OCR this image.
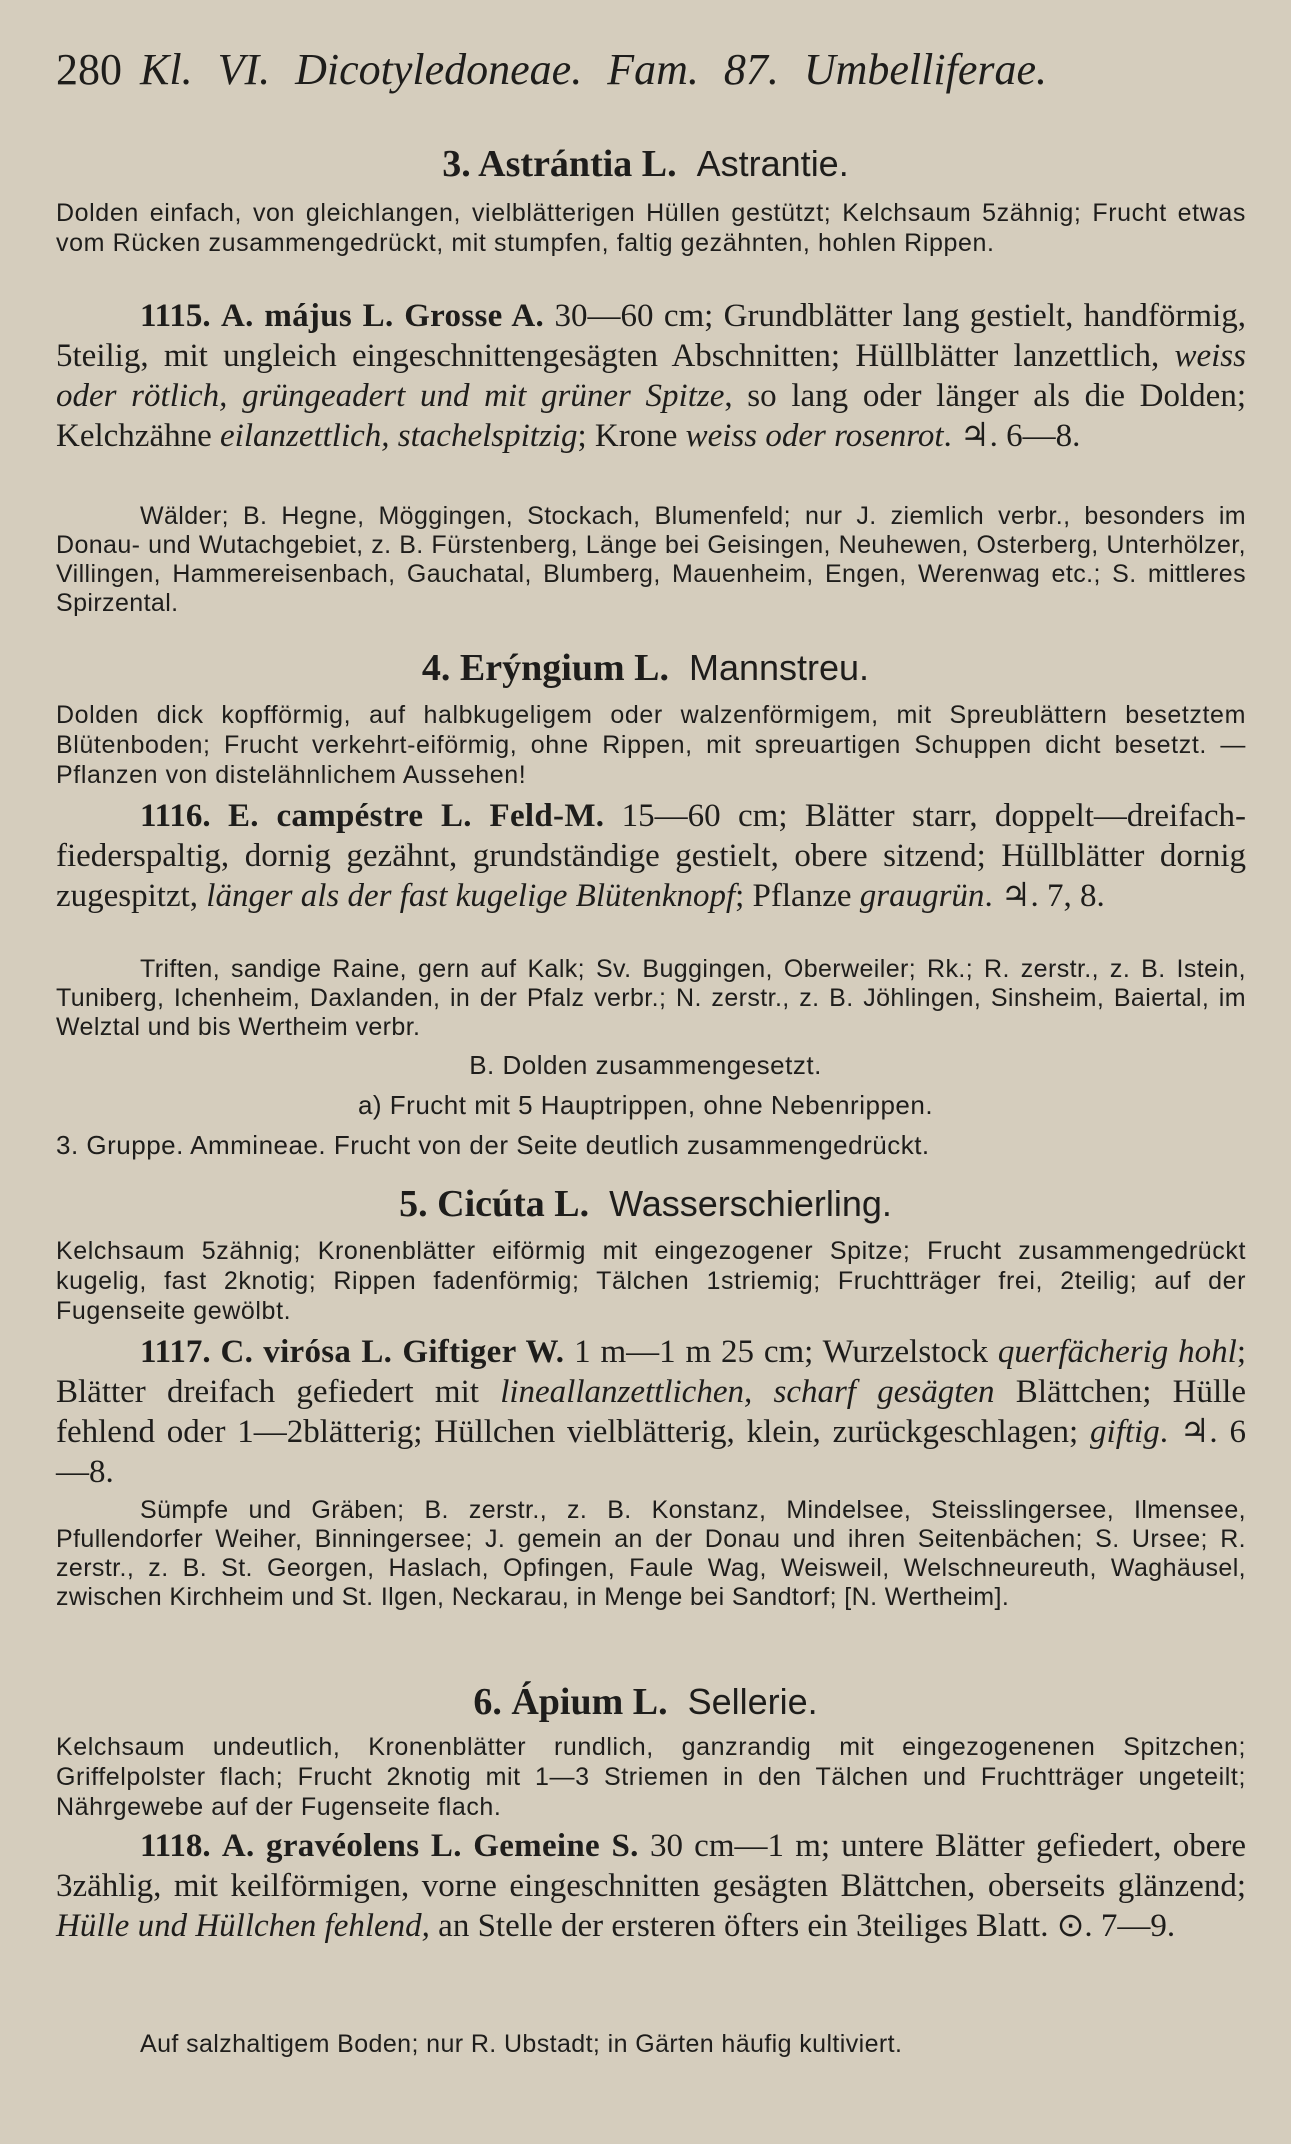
280 Kl. VI. Dicotyledoneae. Fam. 87. Umbelliferae.
3. Astrántia L. Astrantie.
Dolden einfach, von gleichlangen, vielblätterigen Hüllen gestützt; Kelchsaum 5zähnig; Frucht etwas vom Rücken zusammengedrückt, mit stumpfen, faltig gezähnten, hohlen Rippen.
1115. A. május L. Grosse A. 30—60 cm; Grundblätter lang gestielt, handförmig, 5teilig, mit ungleich eingeschnittengesägten Abschnitten; Hüllblätter lanzettlich, weiss oder rötlich, grüngeadert und mit grüner Spitze, so lang oder länger als die Dolden; Kelchzähne eilanzettlich, stachelspitzig; Krone weiss oder rosenrot. ♃. 6—8.
Wälder; B. Hegne, Möggingen, Stockach, Blumenfeld; nur J. ziemlich verbr., besonders im Donau- und Wutachgebiet, z. B. Fürstenberg, Länge bei Geisingen, Neuhewen, Osterberg, Unterhölzer, Villingen, Hammereisenbach, Gauchatal, Blumberg, Mauenheim, Engen, Werenwag etc.; S. mittleres Spirzental.
4. Erýngium L. Mannstreu.
Dolden dick kopfförmig, auf halbkugeligem oder walzenförmigem, mit Spreublättern besetztem Blütenboden; Frucht verkehrt-eiförmig, ohne Rippen, mit spreuartigen Schuppen dicht besetzt. — Pflanzen von distelähnlichem Aussehen!
1116. E. campéstre L. Feld-M. 15—60 cm; Blätter starr, doppelt—dreifach-fiederspaltig, dornig gezähnt, grundständige gestielt, obere sitzend; Hüllblätter dornig zugespitzt, länger als der fast kugelige Blütenknopf; Pflanze graugrün. ♃. 7, 8.
Triften, sandige Raine, gern auf Kalk; Sv. Buggingen, Oberweiler; Rk.; R. zerstr., z. B. Istein, Tuniberg, Ichenheim, Daxlanden, in der Pfalz verbr.; N. zerstr., z. B. Jöhlingen, Sinsheim, Baiertal, im Welztal und bis Wertheim verbr.
B. Dolden zusammengesetzt.
a) Frucht mit 5 Hauptrippen, ohne Nebenrippen.
3. Gruppe. Ammineae. Frucht von der Seite deutlich zusammengedrückt.
5. Cicúta L. Wasserschierling.
Kelchsaum 5zähnig; Kronenblätter eiförmig mit eingezogener Spitze; Frucht zusammengedrückt kugelig, fast 2knotig; Rippen fadenförmig; Tälchen 1striemig; Fruchtträger frei, 2teilig; auf der Fugenseite gewölbt.
1117. C. virósa L. Giftiger W. 1 m—1 m 25 cm; Wurzelstock querfächerig hohl; Blätter dreifach gefiedert mit lineallanzettlichen, scharf gesägten Blättchen; Hülle fehlend oder 1—2blätterig; Hüllchen vielblätterig, klein, zurückgeschlagen; giftig. ♃. 6—8.
Sümpfe und Gräben; B. zerstr., z. B. Konstanz, Mindelsee, Steisslingersee, Ilmensee, Pfullendorfer Weiher, Binningersee; J. gemein an der Donau und ihren Seitenbächen; S. Ursee; R. zerstr., z. B. St. Georgen, Haslach, Opfingen, Faule Wag, Weisweil, Welschneureuth, Waghäusel, zwischen Kirchheim und St. Ilgen, Neckarau, in Menge bei Sandtorf; [N. Wertheim].
6. Ápium L. Sellerie.
Kelchsaum undeutlich, Kronenblätter rundlich, ganzrandig mit eingezogenenen Spitzchen; Griffelpolster flach; Frucht 2knotig mit 1—3 Striemen in den Tälchen und Fruchtträger ungeteilt; Nährgewebe auf der Fugenseite flach.
1118. A. gravéolens L. Gemeine S. 30 cm—1 m; untere Blätter gefiedert, obere 3zählig, mit keilförmigen, vorne eingeschnitten gesägten Blättchen, oberseits glänzend; Hülle und Hüllchen fehlend, an Stelle der ersteren öfters ein 3teiliges Blatt. ⊙. 7—9.
Auf salzhaltigem Boden; nur R. Ubstadt; in Gärten häufig kultiviert.
